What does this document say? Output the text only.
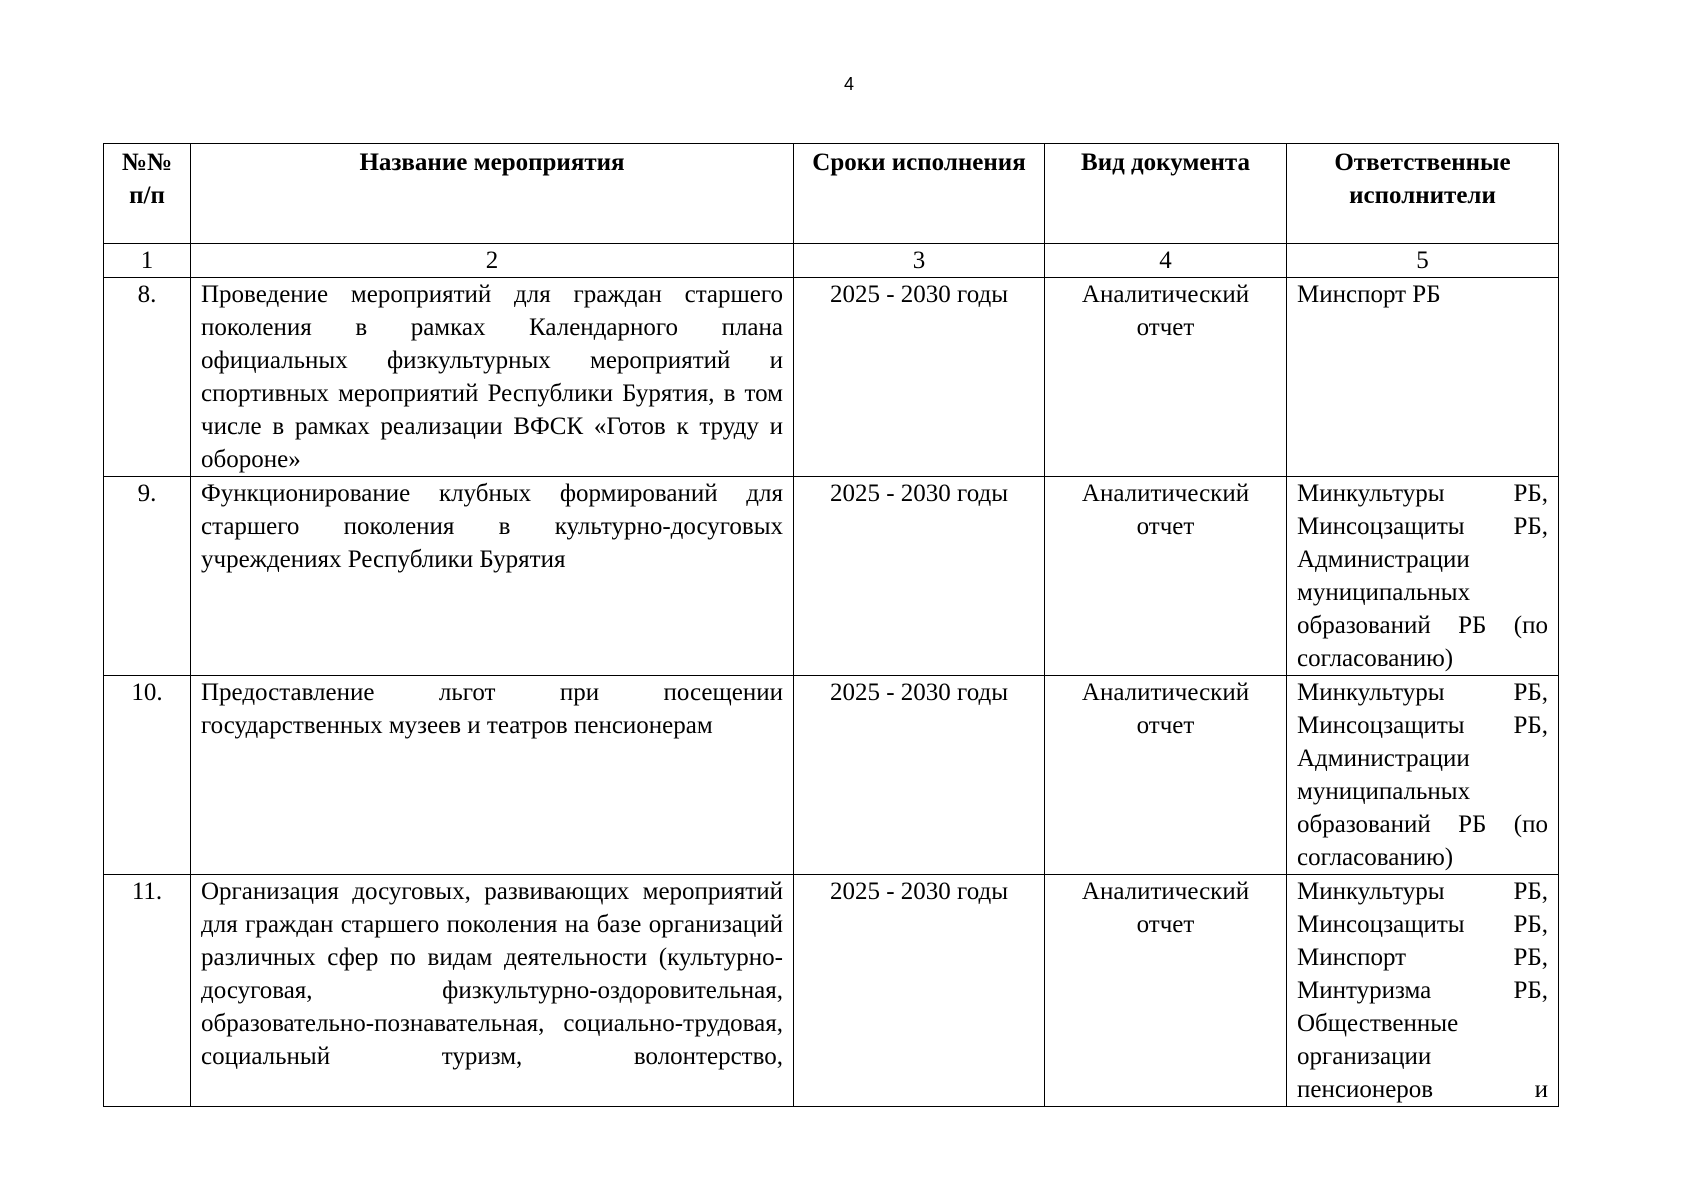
4
№№ п/п	Название мероприятия	Сроки исполнения	Вид документа	Ответственные исполнители
1	2	3	4	5
8.	Проведение мероприятий для граждан старшего поколения в рамках Календарного плана официальных физкультурных мероприятий и спортивных мероприятий Республики Бурятия, в том числе в рамках реализации ВФСК «Готов к труду и обороне»	2025 - 2030 годы	Аналитический отчет	Минспорт РБ
9.	Функционирование клубных формирований для старшего поколения в культурно-досуговых учреждениях Республики Бурятия	2025 - 2030 годы	Аналитический отчет	Минкультуры РБ, Минсоцзащиты РБ, Администрации муниципальных образований РБ (по согласованию)
10.	Предоставление льгот при посещении государственных музеев и театров пенсионерам	2025 - 2030 годы	Аналитический отчет	Минкультуры РБ, Минсоцзащиты РБ, Администрации муниципальных образований РБ (по согласованию)
11.	Организация досуговых, развивающих мероприятий для граждан старшего поколения на базе организаций различных сфер по видам деятельности (культурно-досуговая, физкультурно-оздоровительная, образовательно-познавательная, социально-трудовая, социальный туризм, волонтерство,	2025 - 2030 годы	Аналитический отчет	Минкультуры РБ, Минсоцзащиты РБ, Минспорт РБ, Минтуризма РБ, Общественные организации пенсионеров и
